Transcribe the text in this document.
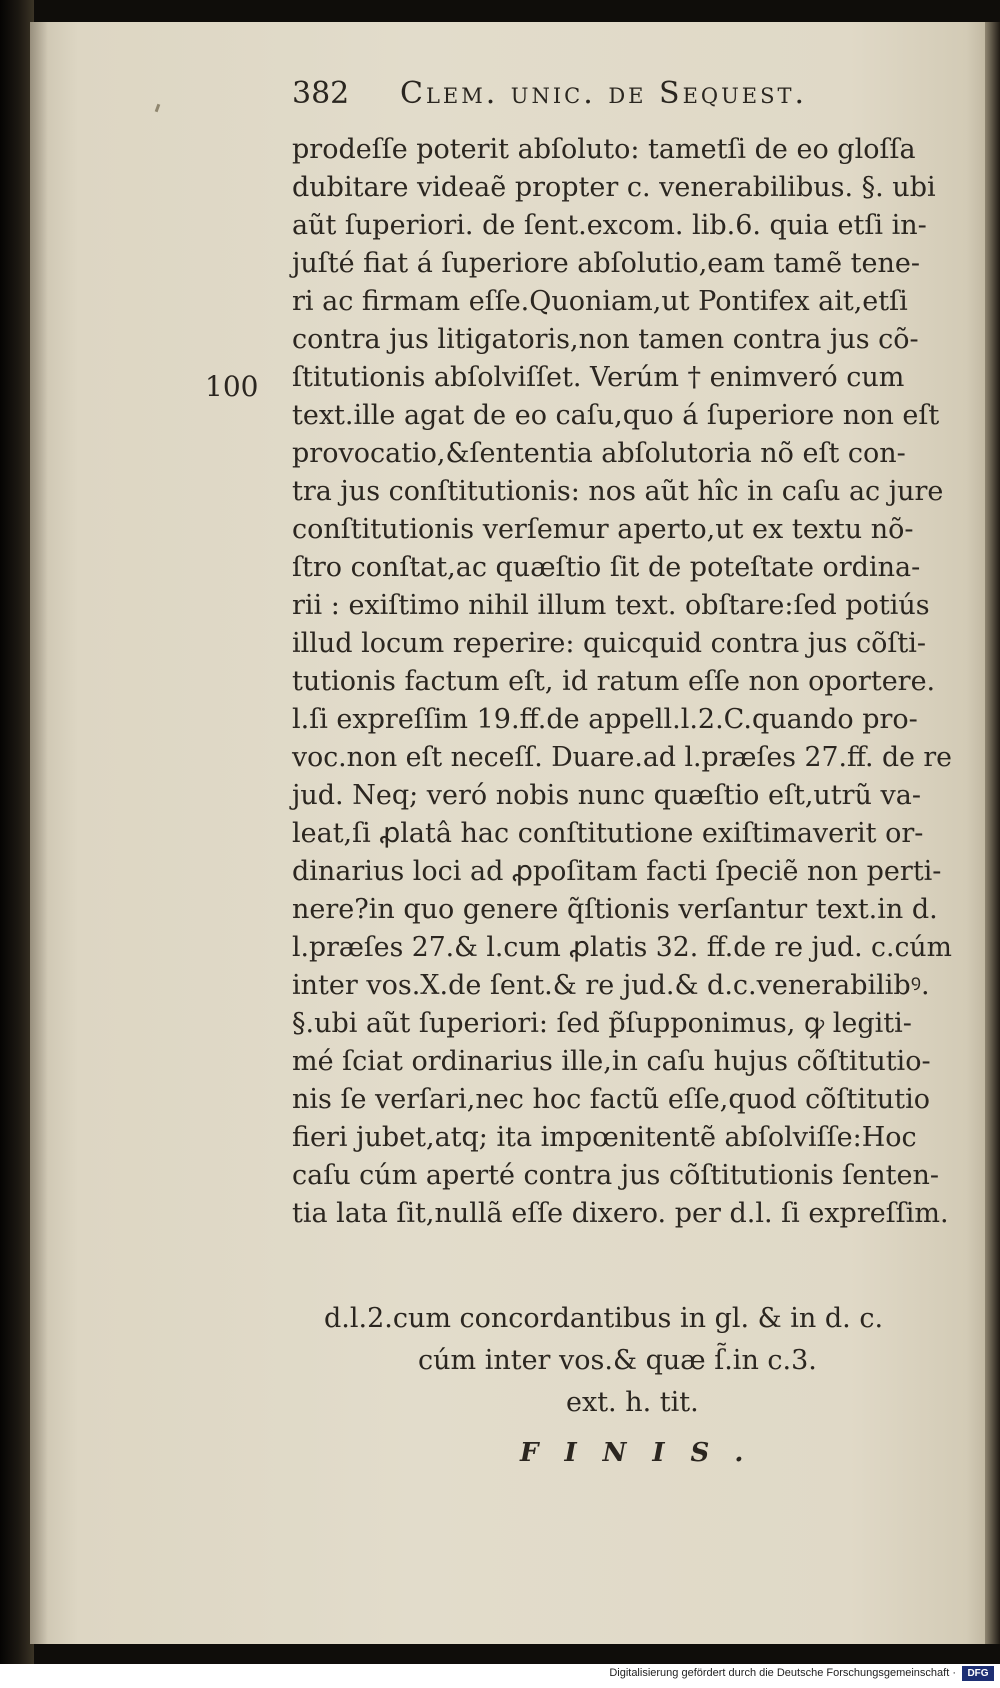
382 Clem. unic. de Sequest.
100
prodeſſe poterit abſoluto: tametſi de eo gloſſa
dubitare videaẽ propter c. venerabilibus. §. ubi
aũt ſuperiori. de ſent.excom. lib.6. quia etſi in-
juſté fiat á ſuperiore abſolutio,eam tamẽ tene-
ri ac firmam eſſe.Quoniam,ut Pontifex ait,etſi
contra jus litigatoris,non tamen contra jus cõ-
ſtitutionis abſolviſſet. Verúm † enimveró cum
text.ille agat de eo caſu,quo á ſuperiore non eſt
provocatio,&ſententia abſolutoria nõ eſt con-
tra jus conſtitutionis: nos aũt hîc in caſu ac jure
conſtitutionis verſemur aperto,ut ex textu nõ-
ſtro conſtat,ac quæſtio ſit de poteſtate ordina-
rii : exiſtimo nihil illum text. obſtare:ſed potiús
illud locum reperire: quicquid contra jus cõſti-
tutionis factum eſt, id ratum eſſe non oportere.
l.ſi expreſſim 19.ff.de appell.l.2.C.quando pro-
voc.non eſt neceſſ. Duare.ad l.præſes 27.ff. de re
jud. Neq; veró nobis nunc quæſtio eſt,utrũ va-
leat,ſi ꝓlatâ hac conſtitutione exiſtimaverit or-
dinarius loci ad ꝓpoſitam facti ſpeciẽ non perti-
nere?in quo genere q̃ſtionis verſantur text.in d.
l.præſes 27.& l.cum ꝓlatis 32. ff.de re jud. c.cúm
inter vos.X.de ſent.& re jud.& d.c.venerabilibꝰ.
§.ubi aũt ſuperiori: ſed p̃ſupponimus, ꝙ legiti-
mé ſciat ordinarius ille,in caſu hujus cõſtitutio-
nis ſe verſari,nec hoc factũ eſſe,quod cõſtitutio
fieri jubet,atq; ita impœnitentẽ abſolviſſe:Hoc
caſu cúm aperté contra jus cõſtitutionis ſenten-
tia lata ſit,nullã eſſe dixero. per d.l. ſi expreſſim.
d.l.2.cum concordantibus in gl. & in d. c.
cúm inter vos.& quæ ſ̃.in c.3.
ext. h. tit.
FINIS.
Digitalisierung gefördert durch die Deutsche Forschungsgemeinschaft ·	DFG
